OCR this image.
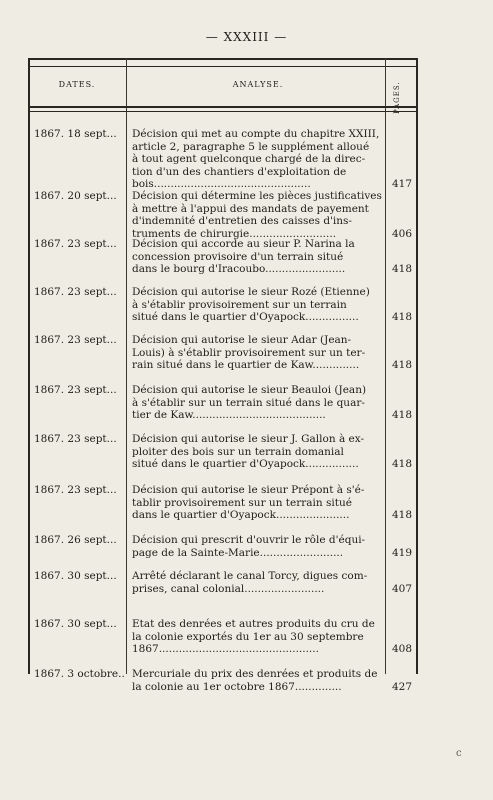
— XXXIII —
DATES.	ANALYSE.	PAGES.
1867. 18 sept...	Décision qui met au compte du chapitre XXIII,
article 2, paragraphe 5 le supplément alloué
à tout agent quelconque chargé de la direc-
tion d'un des chantiers d'exploitation de
bois...............................................	417
1867. 20 sept...	Décision qui détermine les pièces justificatives
à mettre à l'appui des mandats de payement
d'indemnité d'entretien des caisses d'ins-
truments de chirurgie..........................	406
1867. 23 sept...	Décision qui accorde au sieur P. Narina la
concession provisoire d'un terrain situé
dans le bourg d'Iracoubo........................	418
1867. 23 sept...	Décision qui autorise le sieur Rozé (Etienne)
à s'établir provisoirement sur un terrain
situé dans le quartier d'Oyapock................	418
1867. 23 sept...	Décision qui autorise le sieur Adar (Jean-
Louis) à s'établir provisoirement sur un ter-
rain situé dans le quartier de Kaw..............	418
1867. 23 sept...	Décision qui autorise le sieur Beauloi (Jean)
à s'établir sur un terrain situé dans le quar-
tier de Kaw........................................	418
1867. 23 sept...	Décision qui autorise le sieur J. Gallon à ex-
ploiter des bois sur un terrain domanial
situé dans le quartier d'Oyapock................	418
1867. 23 sept...	Décision qui autorise le sieur Prépont à s'é-
tablir provisoirement sur un terrain situé
dans le quartier d'Oyapock......................	418
1867. 26 sept...	Décision qui prescrit d'ouvrir le rôle d'équi-
page de la Sainte-Marie.........................	419
1867. 30 sept...	Arrêté déclarant le canal Torcy, digues com-
prises, canal colonial........................	407
1867. 30 sept...	Etat des denrées et autres produits du cru de
la colonie exportés du 1er au 30 septembre
1867................................................	408
1867. 3 octobre.. Mercuriale du prix des denrées et produits de
la colonie au 1er octobre 1867..............	427
c
